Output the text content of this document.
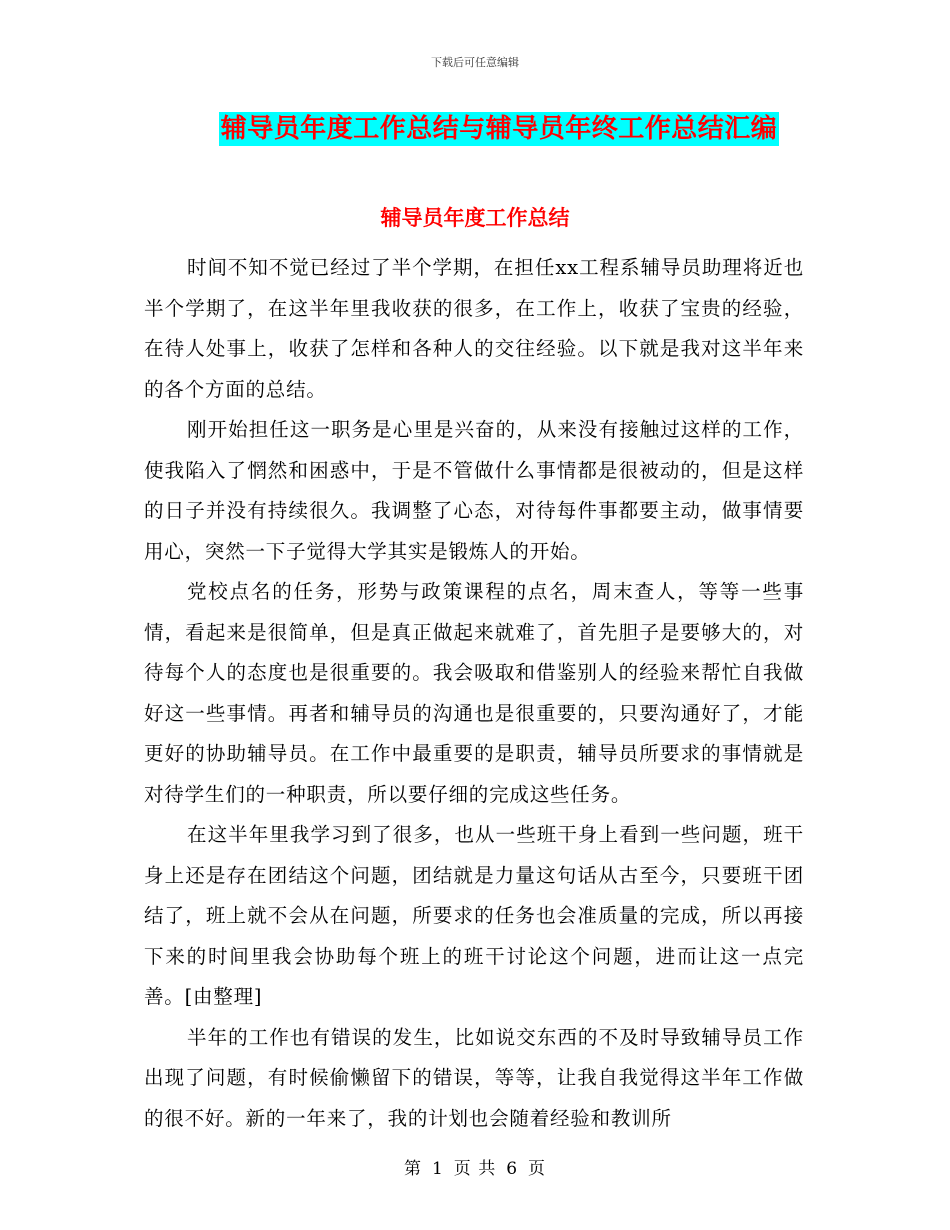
下载后可任意编辑
辅导员年度工作总结与辅导员年终工作总结汇编
辅导员年度工作总结

时间不知不觉已经过了半个学期，在担任xx工程系辅导员助理将近也半个学期了，在这半年里我收获的很多，在工作上，收获了宝贵的经验，在待人处事上，收获了怎样和各种人的交往经验。以下就是我对这半年来的各个方面的总结。

刚开始担任这一职务是心里是兴奋的，从来没有接触过这样的工作，使我陷入了惘然和困惑中，于是不管做什么事情都是很被动的，但是这样的日子并没有持续很久。我调整了心态，对待每件事都要主动，做事情要用心，突然一下子觉得大学其实是锻炼人的开始。

党校点名的任务，形势与政策课程的点名，周末查人，等等一些事情，看起来是很简单，但是真正做起来就难了，首先胆子是要够大的，对待每个人的态度也是很重要的。我会吸取和借鉴别人的经验来帮忙自我做好这一些事情。再者和辅导员的沟通也是很重要的，只要沟通好了，才能更好的协助辅导员。在工作中最重要的是职责，辅导员所要求的事情就是对待学生们的一种职责，所以要仔细的完成这些任务。

在这半年里我学习到了很多，也从一些班干身上看到一些问题，班干身上还是存在团结这个问题，团结就是力量这句话从古至今，只要班干团结了，班上就不会从在问题，所要求的任务也会准质量的完成，所以再接下来的时间里我会协助每个班上的班干讨论这个问题，进而让这一点完善。[由整理]

半年的工作也有错误的发生，比如说交东西的不及时导致辅导员工作出现了问题，有时候偷懒留下的错误，等等，让我自我觉得这半年工作做的很不好。新的一年来了，我的计划也会随着经验和教训所

第 1 页 共 6 页
